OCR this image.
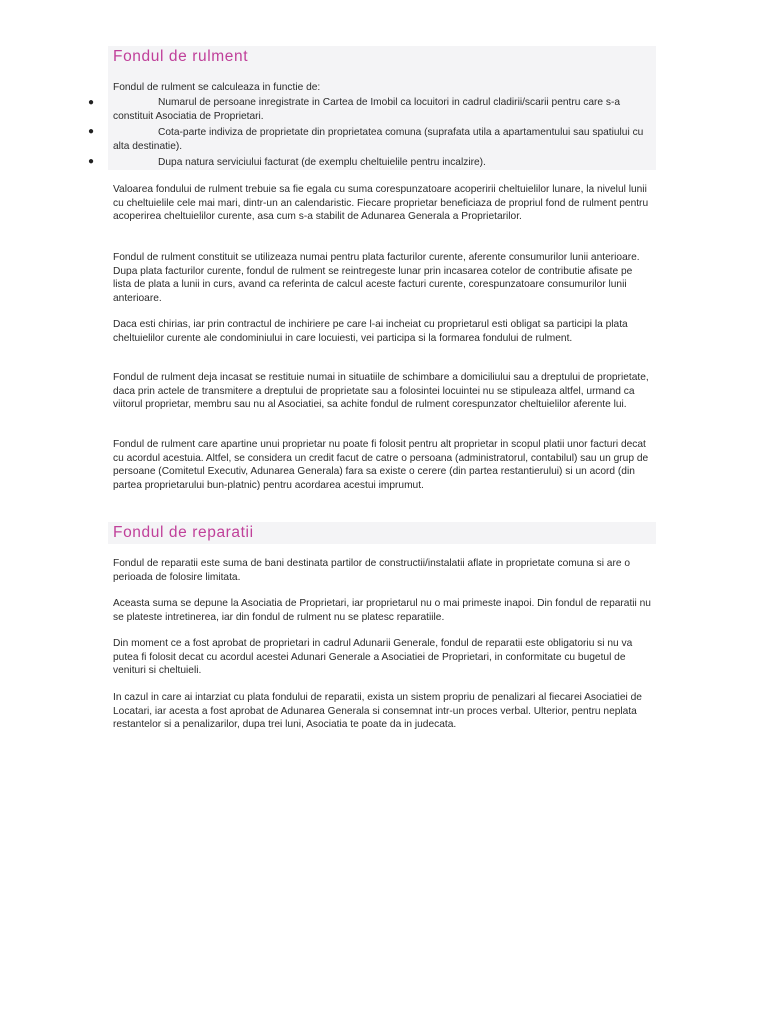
Fondul de rulment

Fondul de rulment se calculeaza in functie de:

●	Numarul de persoane inregistrate in Cartea de Imobil ca locuitori in cadrul cladirii/scarii pentru care s-a constituit Asociatia de Proprietari.

●	Cota-parte indiviza de proprietate din proprietatea comuna (suprafata utila a apartamentului sau spatiului cu alta destinatie).

●	Dupa natura serviciului facturat (de exemplu cheltuielile pentru incalzire).

Valoarea fondului de rulment trebuie sa fie egala cu suma corespunzatoare acoperirii cheltuielilor lunare, la nivelul lunii cu cheltuielile cele mai mari, dintr-un an calendaristic. Fiecare proprietar beneficiaza de propriul fond de rulment pentru acoperirea cheltuielilor curente, asa cum s-a stabilit de Adunarea Generala a Proprietarilor.

Fondul de rulment constituit se utilizeaza numai pentru plata facturilor curente, aferente consumurilor lunii anterioare. Dupa plata facturilor curente, fondul de rulment se reintregeste lunar prin incasarea cotelor de contributie afisate pe lista de plata a lunii in curs, avand ca referinta de calcul aceste facturi curente, corespunzatoare consumurilor lunii anterioare.

Daca esti chirias, iar prin contractul de inchiriere pe care l-ai incheiat cu proprietarul esti obligat sa participi la plata cheltuielilor curente ale condominiului in care locuiesti, vei participa si la formarea fondului de rulment.

Fondul de rulment deja incasat se restituie numai in situatiile de schimbare a domiciliului sau a dreptului de proprietate, daca prin actele de transmitere a dreptului de proprietate sau a folosintei locuintei nu se stipuleaza altfel, urmand ca viitorul proprietar, membru sau nu al Asociatiei, sa achite fondul de rulment corespunzator cheltuielilor aferente lui.

Fondul de rulment care apartine unui proprietar nu poate fi folosit pentru alt proprietar in scopul platii unor facturi decat cu acordul acestuia. Altfel, se considera un credit facut de catre o persoana (administratorul, contabilul) sau un grup de persoane (Comitetul Executiv, Adunarea Generala) fara sa existe o cerere (din partea restantierului) si un acord (din partea proprietarului bun-platnic) pentru acordarea acestui imprumut.

Fondul de reparatii

Fondul de reparatii este suma de bani destinata partilor de constructii/instalatii aflate in proprietate comuna si are o perioada de folosire limitata.

Aceasta suma se depune la Asociatia de Proprietari, iar proprietarul nu o mai primeste inapoi. Din fondul de reparatii nu se plateste intretinerea, iar din fondul de rulment nu se platesc reparatiile.

Din moment ce a fost aprobat de proprietari in cadrul Adunarii Generale, fondul de reparatii este obligatoriu si nu va putea fi folosit decat cu acordul acestei Adunari Generale a Asociatiei de Proprietari, in conformitate cu bugetul de venituri si cheltuieli.

In cazul in care ai intarziat cu plata fondului de reparatii, exista un sistem propriu de penalizari al fiecarei Asociatiei de Locatari, iar acesta a fost aprobat de Adunarea Generala si consemnat intr-un proces verbal. Ulterior, pentru neplata restantelor si a penalizarilor, dupa trei luni, Asociatia te poate da in judecata.
